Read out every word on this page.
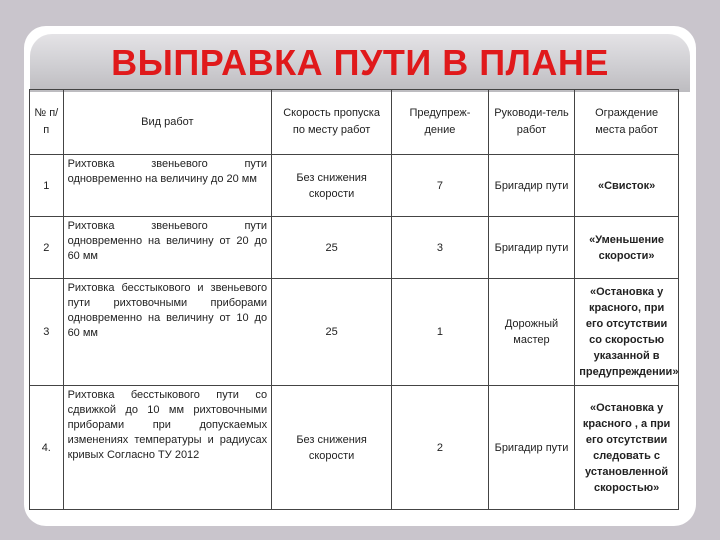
ВЫПРАВКА ПУТИ В ПЛАНЕ
№ п/п	Вид работ	Скорость пропуска по месту работ	Предупреж-дение	Руководи-тель работ	Ограждение места работ
1	Рихтовка звеньевого пути одновременно на величину до 20 мм	Без снижения скорости	7	Бригадир пути	«Свисток»
2	Рихтовка звеньевого пути одновременно на величину от 20 до 60 мм	25	3	Бригадир пути	«Уменьшение скорости»
3	Рихтовка бесстыкового и звеньевого пути рихтовочными приборами одновременно на величину от 10 до 60 мм	25	1	Дорожный мастер	«Остановка у красного, при его отсутствии со скоростью указанной в предупреждении»
4.	Рихтовка бесстыкового пути со сдвижкой до 10 мм рихтовочными приборами при допускаемых изменениях температуры и радиусах кривых Согласно ТУ 2012	Без снижения скорости	2	Бригадир пути	«Остановка у красного , а при его отсутствии следовать с установленной скоростью»
